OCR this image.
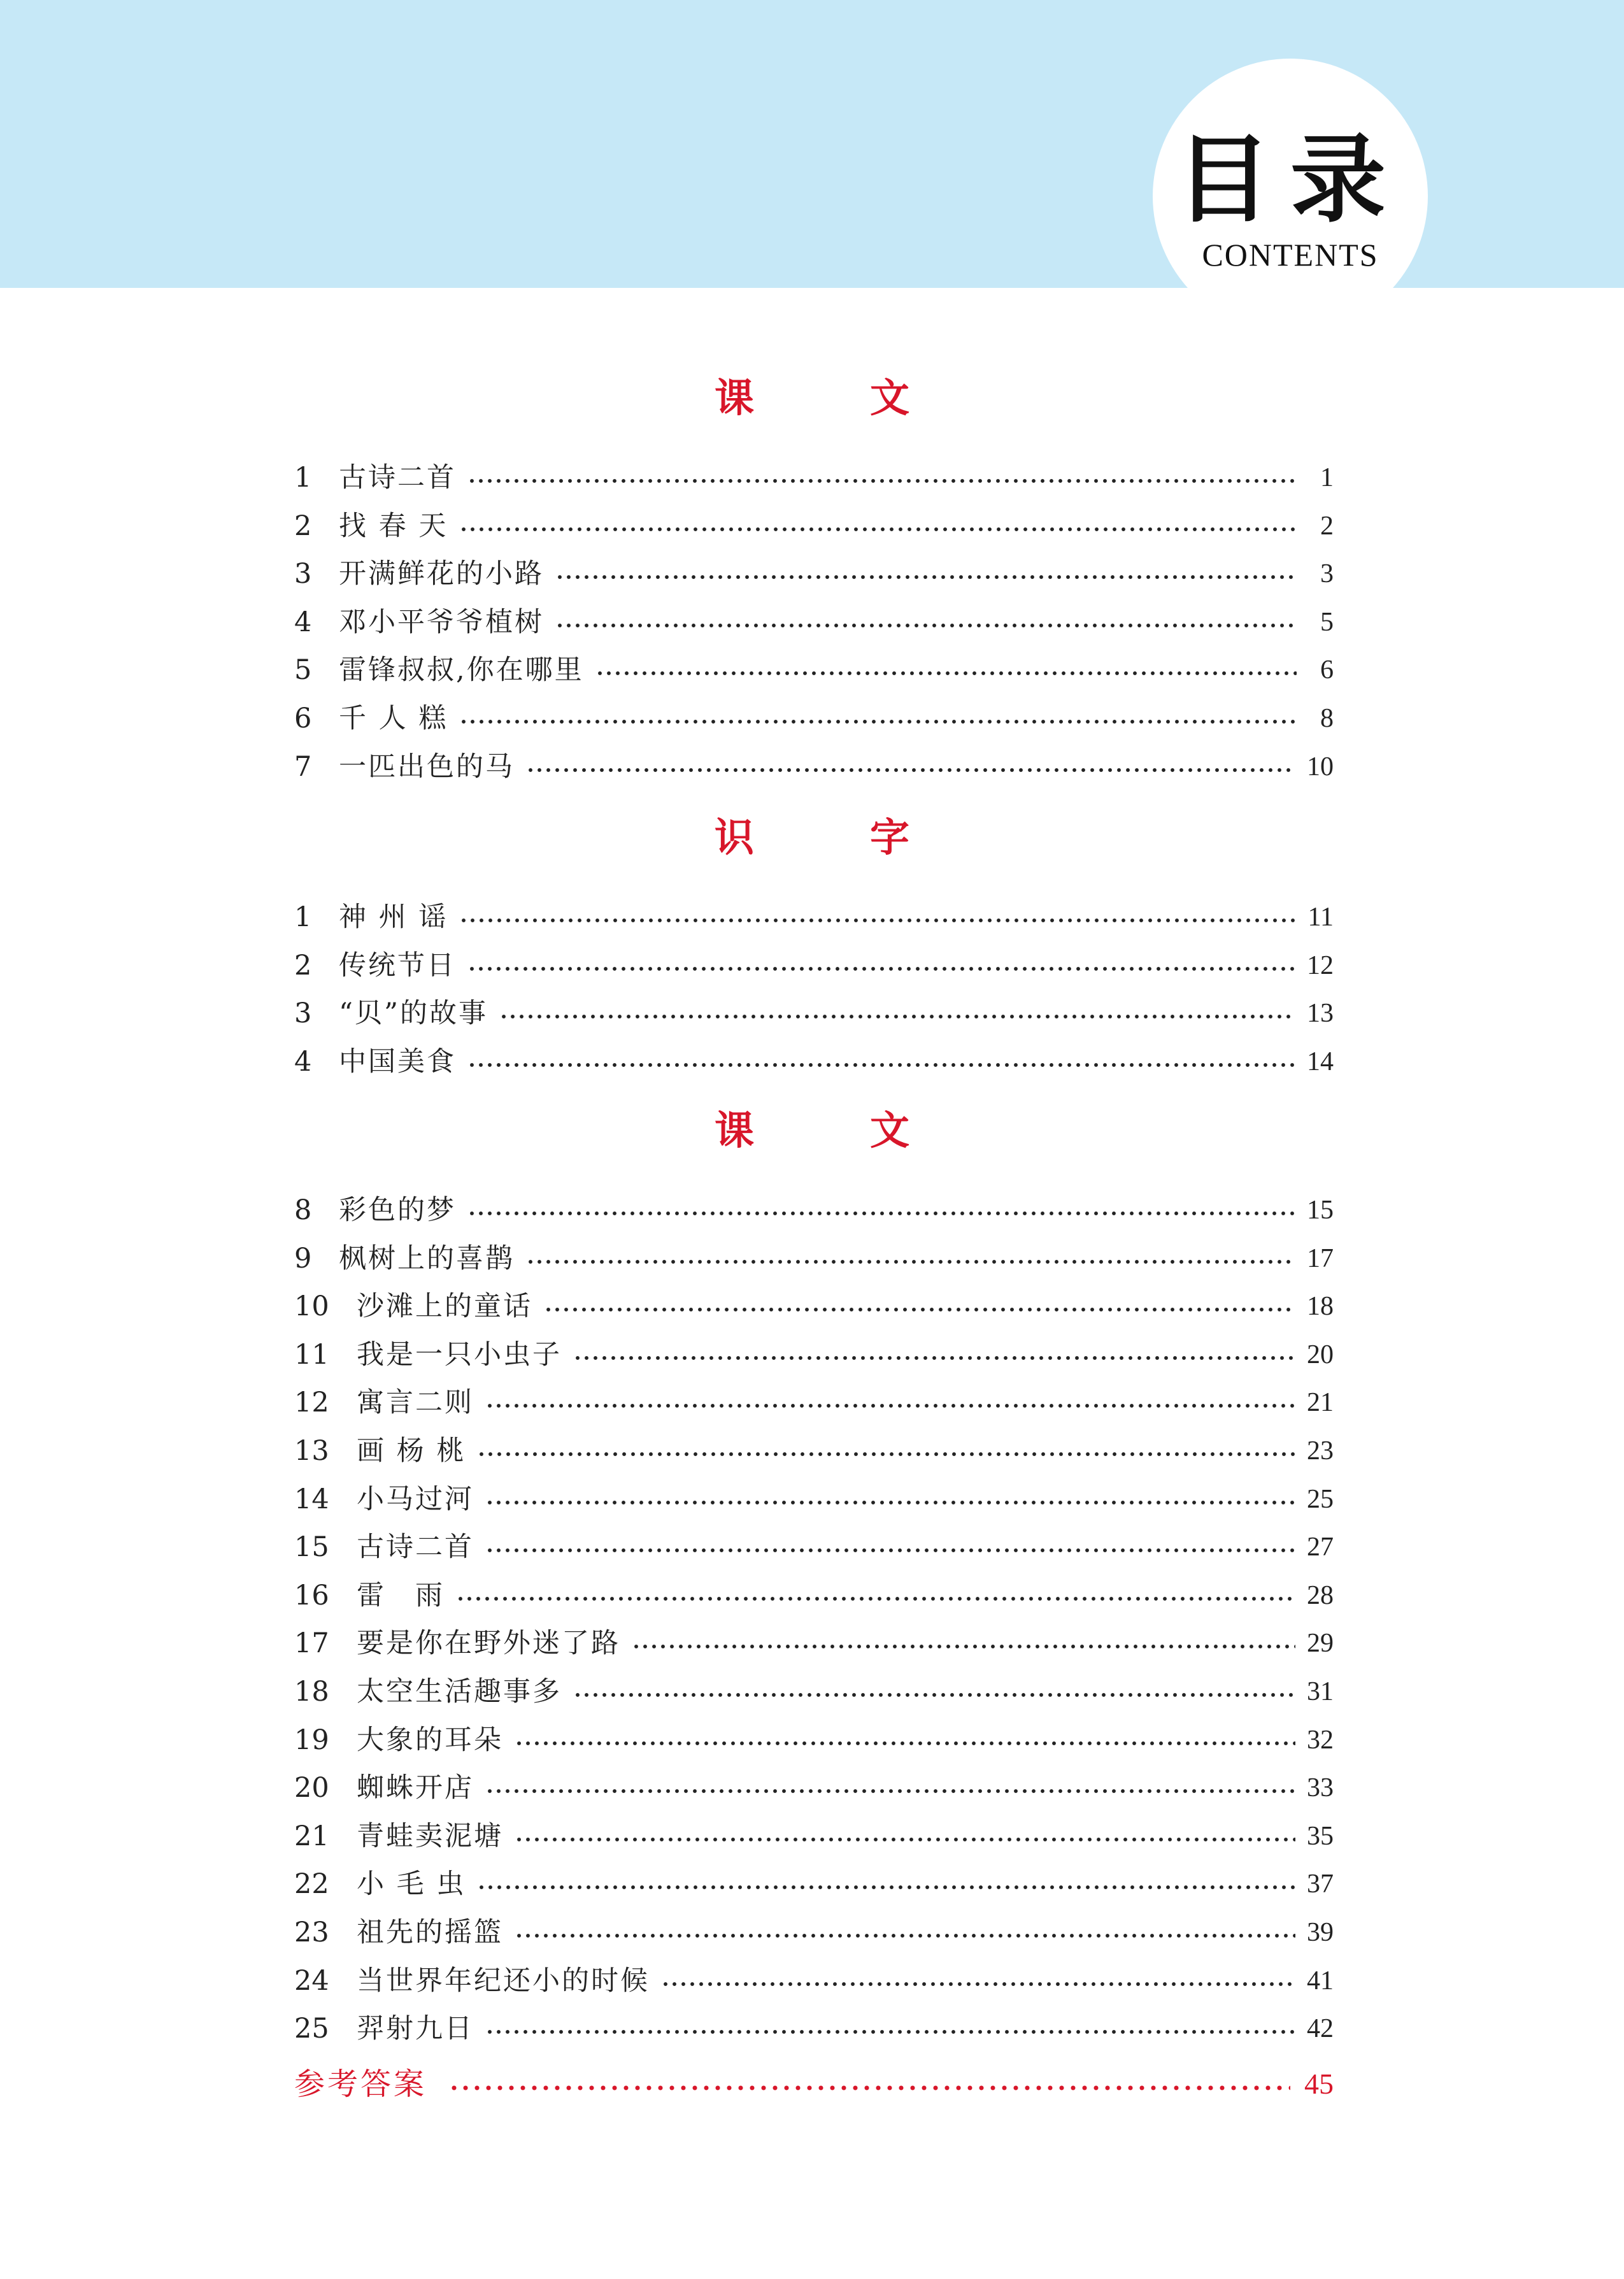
目录
CONTENTS
课　文
1 古诗二首	1
2 找 春 天	2
3 开满鲜花的小路	3
4 邓小平爷爷植树	5
5 雷锋叔叔,你在哪里	6
6 千 人 糕	8
7 一匹出色的马	10
识　字
1 神 州 谣	11
2 传统节日	12
3 “贝”的故事	13
4 中国美食	14
课　文
8 彩色的梦	15
9 枫树上的喜鹊	17
10	沙滩上的童话	18
11	我是一只小虫子	20
12	寓言二则	21
13	画 杨 桃	23
14	小马过河	25
15	古诗二首	27
16	雷　雨	28
17	要是你在野外迷了路	29
18	太空生活趣事多	31
19	大象的耳朵	32
20	蜘蛛开店	33
21	青蛙卖泥塘	35
22	小 毛 虫	37
23	祖先的摇篮	39
24	当世界年纪还小的时候	41
25	羿射九日	42
参考答案	45
